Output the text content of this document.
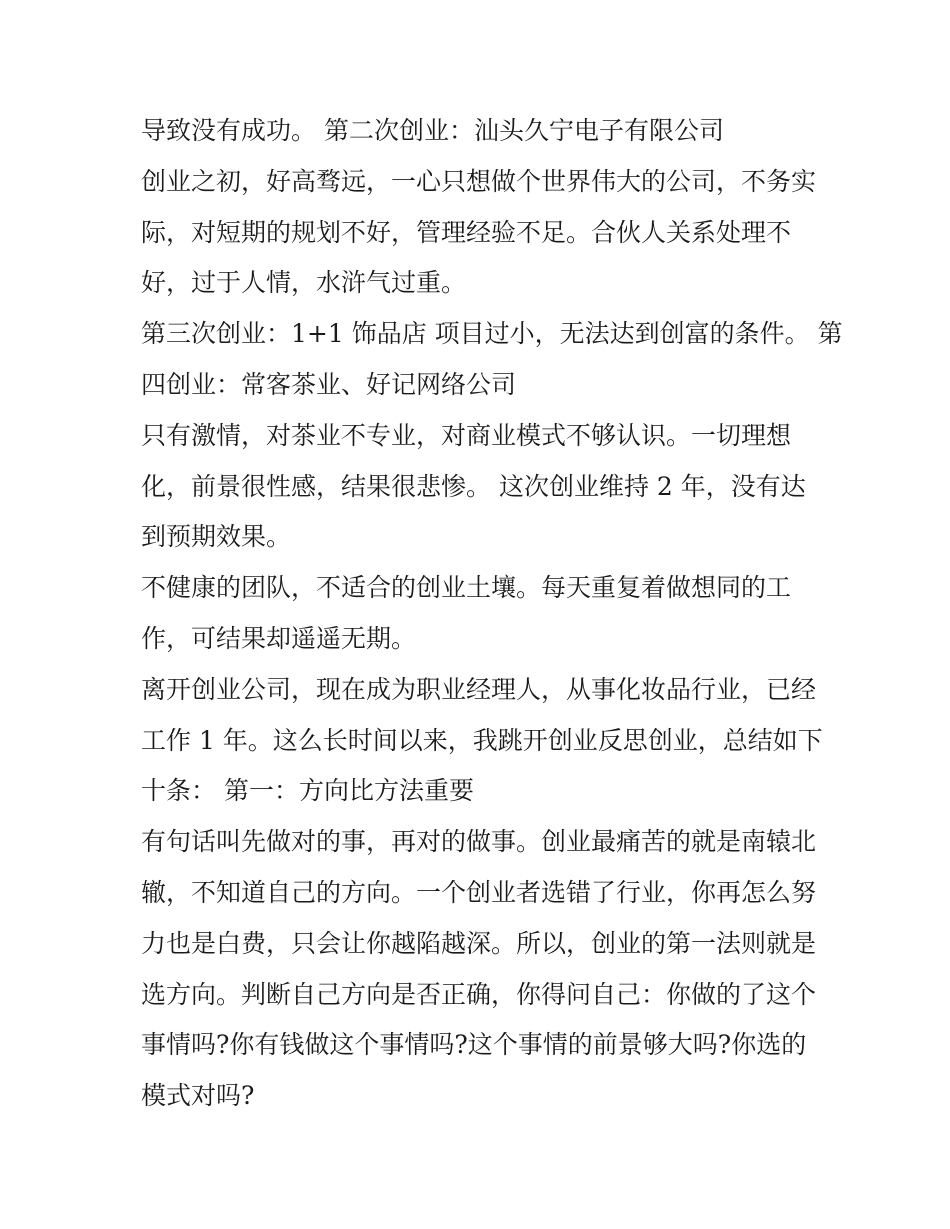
导致没有成功。 第二次创业：汕头久宁电子有限公司
创业之初，好高骛远，一心只想做个世界伟大的公司，不务实
际，对短期的规划不好，管理经验不足。合伙人关系处理不
好，过于人情，水浒气过重。
第三次创业：1+1 饰品店 项目过小，无法达到创富的条件。 第
四创业：常客茶业、好记网络公司
只有激情，对茶业不专业，对商业模式不够认识。一切理想
化，前景很性感，结果很悲惨。 这次创业维持 2 年，没有达
到预期效果。
不健康的团队，不适合的创业土壤。每天重复着做想同的工
作，可结果却遥遥无期。
离开创业公司，现在成为职业经理人，从事化妆品行业，已经
工作 1 年。这么长时间以来，我跳开创业反思创业，总结如下
十条： 第一：方向比方法重要
有句话叫先做对的事，再对的做事。创业最痛苦的就是南辕北
辙，不知道自己的方向。一个创业者选错了行业，你再怎么努
力也是白费，只会让你越陷越深。所以，创业的第一法则就是
选方向。判断自己方向是否正确，你得问自己：你做的了这个
事情吗?你有钱做这个事情吗?这个事情的前景够大吗?你选的
模式对吗?
